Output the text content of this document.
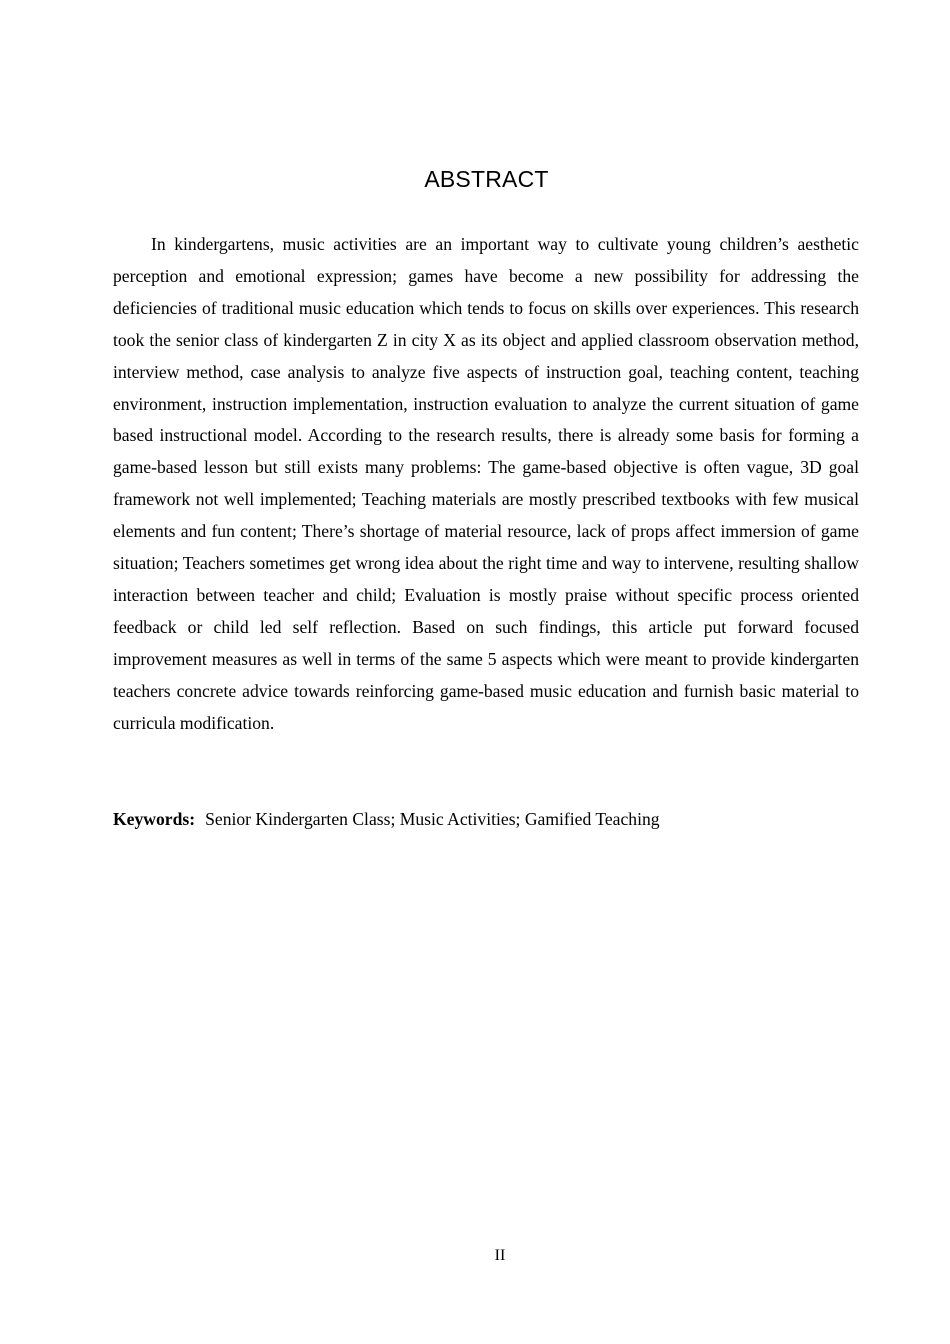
ABSTRACT

In kindergartens, music activities are an important way to cultivate young children’s aesthetic perception and emotional expression; games have become a new possibility for addressing the deficiencies of traditional music education which tends to focus on skills over experiences. This research took the senior class of kindergarten Z in city X as its object and applied classroom observation method, interview method, case analysis to analyze five aspects of instruction goal, teaching content, teaching environment, instruction implementation, instruction evaluation to analyze the current situation of game based instructional model. According to the research results, there is already some basis for forming a game-based lesson but still exists many problems: The game-based objective is often vague, 3D goal framework not well implemented; Teaching materials are mostly prescribed textbooks with few musical elements and fun content; There’s shortage of material resource, lack of props affect immersion of game situation; Teachers sometimes get wrong idea about the right time and way to intervene, resulting shallow interaction between teacher and child; Evaluation is mostly praise without specific process oriented feedback or child led self reflection. Based on such findings, this article put forward focused improvement measures as well in terms of the same 5 aspects which were meant to provide kindergarten teachers concrete advice towards reinforcing game-based music education and furnish basic material to curricula modification.

Keywords: Senior Kindergarten Class; Music Activities; Gamified Teaching

II
